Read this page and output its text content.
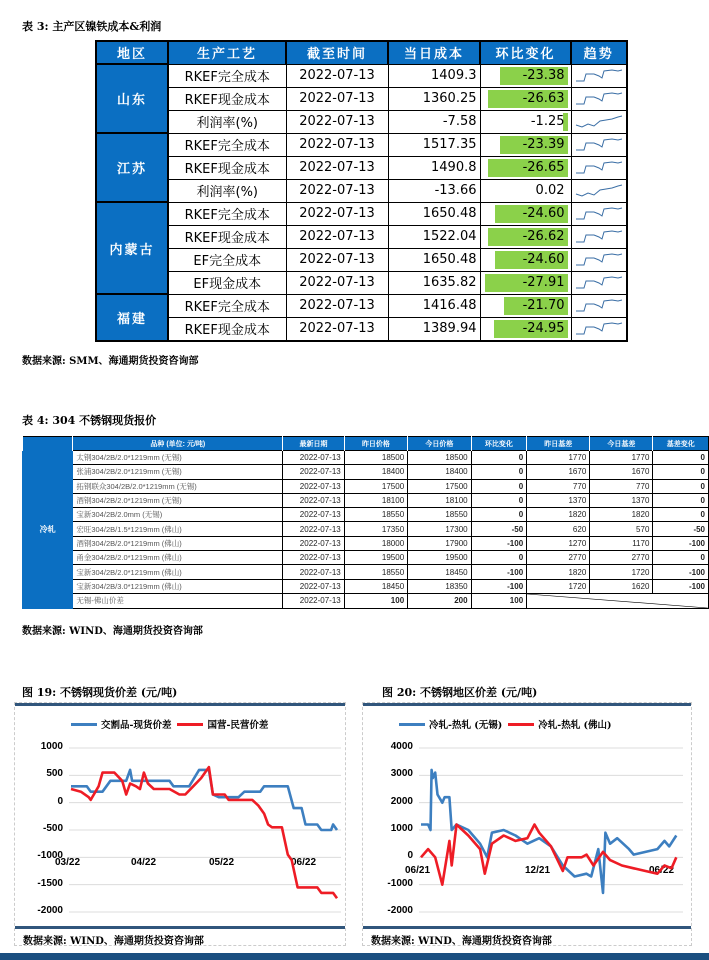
表 3: 主产区镍铁成本&利润
地区	生产工艺	截至时间	当日成本	环比变化	趋势
山东	RKEF完全成本	2022-07-13	1409.3	-23.38

	RKEF现金成本	2022-07-13	1360.25	-26.63

	利润率(%)	2022-07-13	-7.58	-1.25

江苏	RKEF完全成本	2022-07-13	1517.35	-23.39

	RKEF现金成本	2022-07-13	1490.8	-26.65

	利润率(%)	2022-07-13	-13.66	0.02

内蒙古	RKEF完全成本	2022-07-13	1650.48	-24.60

	RKEF现金成本	2022-07-13	1522.04	-26.62

	EF完全成本	2022-07-13	1650.48	-24.60

	EF现金成本	2022-07-13	1635.82	-27.91

福建	RKEF完全成本	2022-07-13	1416.48	-21.70

	RKEF现金成本	2022-07-13	1389.94	-24.95

数据来源: SMM、海通期货投资咨询部
表 4: 304 不锈钢现货报价
	品种 (单位: 元/吨)	最新日期	昨日价格	今日价格	环比变化	昨日基差	今日基差	基差变化
冷轧	太钢304/2B/2.0*1219mm (无锡)	2022-07-13	18500	18500	0	1770	1770	0
	张浦304/2B/2.0*1219mm (无锡)	2022-07-13	18400	18400	0	1670	1670	0
	拓钢联众304/2B/2.0*1219mm (无锡)	2022-07-13	17500	17500	0	770	770	0
	酒钢304/2B/2.0*1219mm (无锡)	2022-07-13	18100	18100	0	1370	1370	0
	宝新304/2B/2.0mm (无锡)	2022-07-13	18550	18550	0	1820	1820	0
	宏旺304/2B/1.5*1219mm (佛山)	2022-07-13	17350	17300	-50	620	570	-50
	酒钢304/2B/2.0*1219mm (佛山)	2022-07-13	18000	17900	-100	1270	1170	-100
	甬金304/2B/2.0*1219mm (佛山)	2022-07-13	19500	19500	0	2770	2770	0
	宝新304/2B/2.0*1219mm (佛山)	2022-07-13	18550	18450	-100	1820	1720	-100
	宝新304/2B/3.0*1219mm (佛山)	2022-07-13	18450	18350	-100	1720	1620	-100
	无锡-佛山价差	2022-07-13	100	200	100	
数据来源: WIND、海通期货投资咨询部
图 19: 不锈钢现货价差 (元/吨)
交割品-现货价差	国营-民营价差
1000
500
0
-500
-1000
-1500
-2000
03/22	04/22	05/22	06/22
数据来源: WIND、海通期货投资咨询部
图 20: 不锈钢地区价差 (元/吨)
冷轧-热轧 (无锡)	冷轧-热轧 (佛山)
4000
3000
2000
1000
0
-1000
-2000
06/21	12/21	06/22
数据来源: WIND、海通期货投资咨询部
